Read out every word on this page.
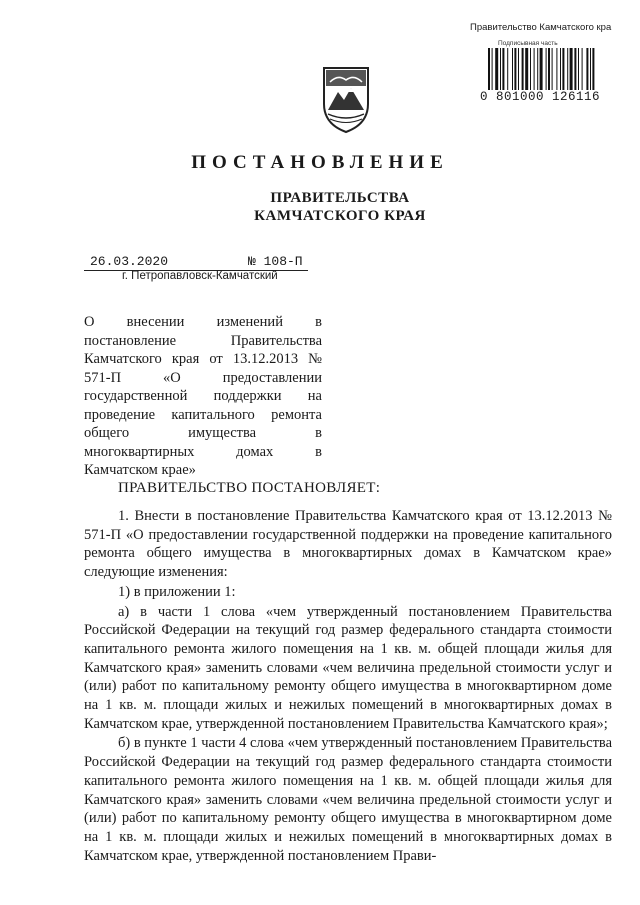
Правительство Камчатского кра
Подписывная часть
0 801000 126116
ПОСТАНОВЛЕНИЕ
ПРАВИТЕЛЬСТВА
КАМЧАТСКОГО КРАЯ
26.03.2020	№ 108-П
г. Петропавловск-Камчатский
О внесении изменений в постановление Правительства Камчатского края от 13.12.2013 № 571-П «О предоставлении государственной поддержки на проведение капитального ремонта общего имущества в многоквартирных домах в Камчатском крае»
ПРАВИТЕЛЬСТВО ПОСТАНОВЛЯЕТ:

1. Внести в постановление Правительства Камчатского края от 13.12.2013 № 571-П «О предоставлении государственной поддержки на проведение капитального ремонта общего имущества в многоквартирных домах в Камчатском крае» следующие изменения:

1) в приложении 1:

а) в части 1 слова «чем утвержденный постановлением Правительства Российской Федерации на текущий год размер федерального стандарта стоимости капитального ремонта жилого помещения на 1 кв. м. общей площади жилья для Камчатского края» заменить словами «чем величина предельной стоимости услуг и (или) работ по капитальному ремонту общего имущества в многоквартирном доме на 1 кв. м. площади жилых и нежилых помещений в многоквартирных домах в Камчатском крае, утвержденной постановлением Правительства Камчатского края»;

б) в пункте 1 части 4 слова «чем утвержденный постановлением Правительства Российской Федерации на текущий год размер федерального стандарта стоимости капитального ремонта жилого помещения на 1 кв. м. общей площади жилья для Камчатского края» заменить словами «чем величина предельной стоимости услуг и (или) работ по капитальному ремонту общего имущества в многоквартирном доме на 1 кв. м. площади жилых и нежилых помещений в многоквартирных домах в Камчатском крае, утвержденной постановлением Прави-
